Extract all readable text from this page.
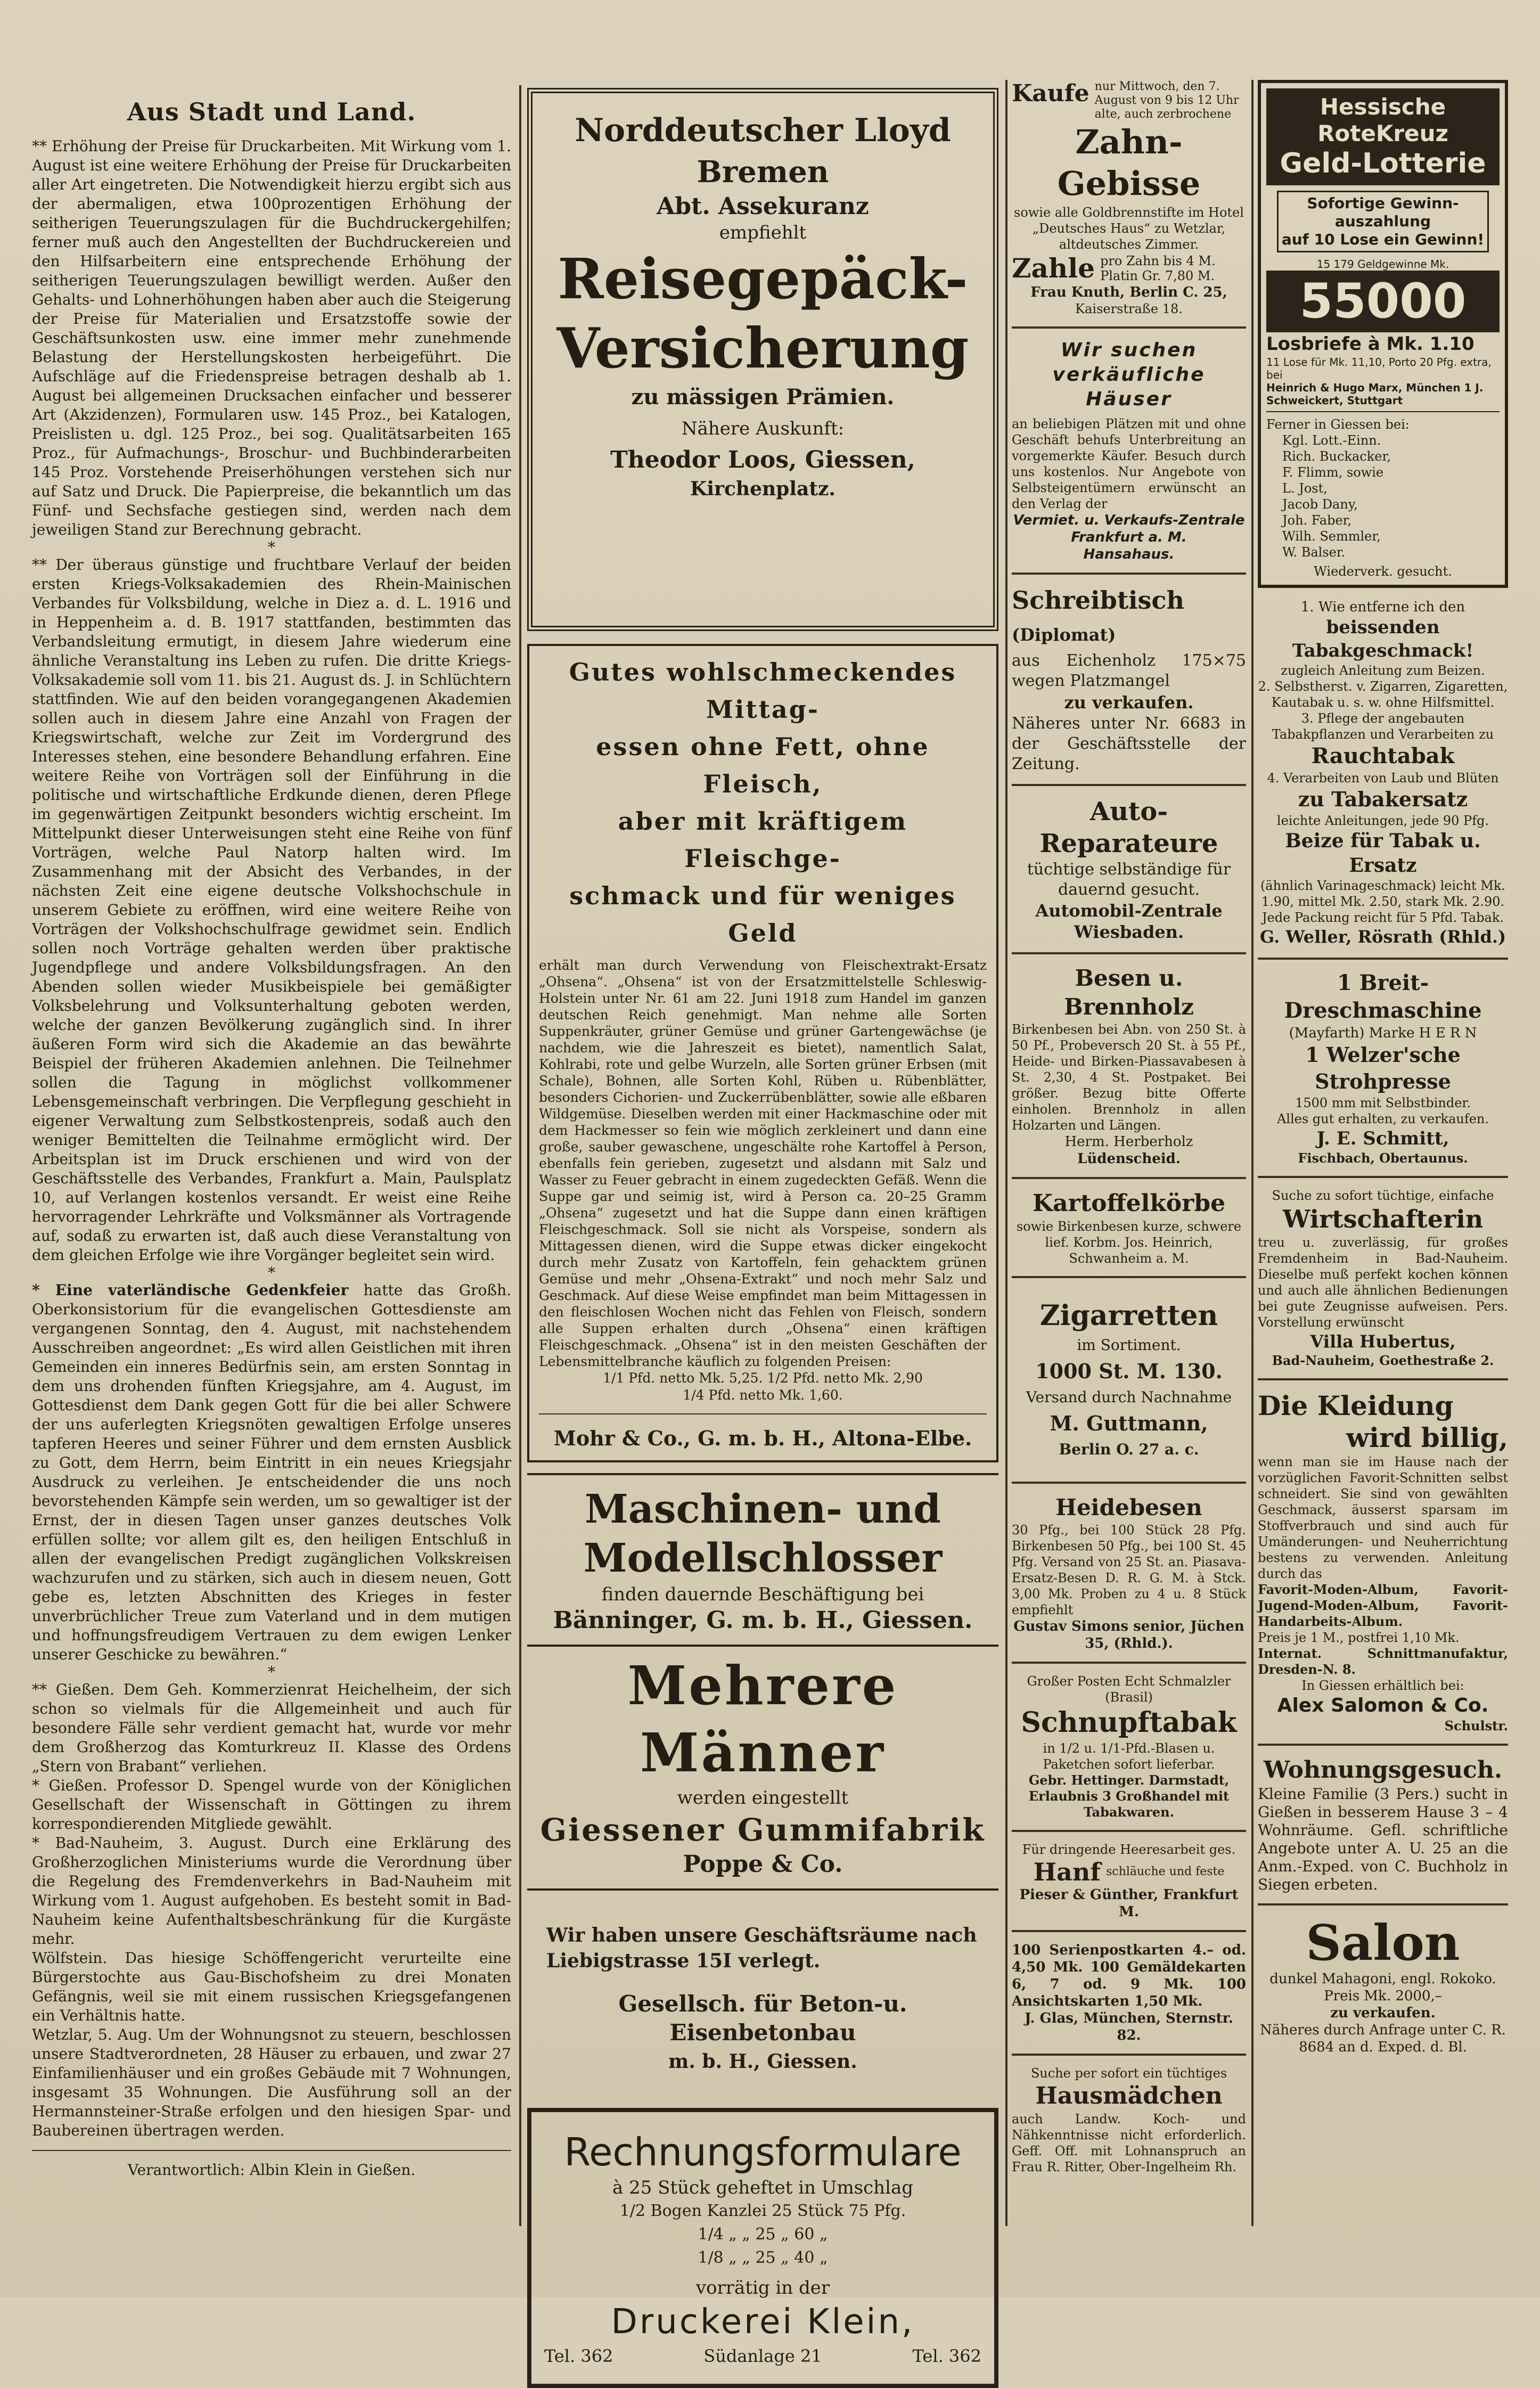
Aus Stadt und Land.

** Erhöhung der Preise für Druckarbeiten. Mit Wirkung vom 1. August ist eine weitere Erhöhung der Preise für Druckarbeiten aller Art eingetreten. Die Notwendigkeit hierzu ergibt sich aus der abermaligen, etwa 100prozentigen Erhöhung der seitherigen Teuerungszulagen für die Buchdruckergehilfen; ferner muß auch den Angestellten der Buchdruckereien und den Hilfsarbeitern eine entsprechende Erhöhung der seitherigen Teuerungszulagen bewilligt werden. Außer den Gehalts- und Lohnerhöhungen haben aber auch die Steigerung der Preise für Materialien und Ersatzstoffe sowie der Geschäftsunkosten usw. eine immer mehr zunehmende Belastung der Herstellungskosten herbeigeführt. Die Aufschläge auf die Friedenspreise betragen deshalb ab 1. August bei allgemeinen Drucksachen einfacher und besserer Art (Akzidenzen), Formularen usw. 145 Proz., bei Katalogen, Preislisten u. dgl. 125 Proz., bei sog. Qualitätsarbeiten 165 Proz., für Aufmachungs-, Broschur- und Buchbinderarbeiten 145 Proz. Vorstehende Preiserhöhungen verstehen sich nur auf Satz und Druck. Die Papierpreise, die bekanntlich um das Fünf- und Sechsfache gestiegen sind, werden nach dem jeweiligen Stand zur Berechnung gebracht.

*

** Der überaus günstige und fruchtbare Verlauf der beiden ersten Kriegs-Volksakademien des Rhein-Mainischen Verbandes für Volksbildung, welche in Diez a. d. L. 1916 und in Heppenheim a. d. B. 1917 stattfanden, bestimmten das Verbandsleitung ermutigt, in diesem Jahre wiederum eine ähnliche Veranstaltung ins Leben zu rufen. Die dritte Kriegs-Volksakademie soll vom 11. bis 21. August ds. J. in Schlüchtern stattfinden. Wie auf den beiden vorangegangenen Akademien sollen auch in diesem Jahre eine Anzahl von Fragen der Kriegswirtschaft, welche zur Zeit im Vordergrund des Interesses stehen, eine besondere Behandlung erfahren. Eine weitere Reihe von Vorträgen soll der Einführung in die politische und wirtschaftliche Erdkunde dienen, deren Pflege im gegenwärtigen Zeitpunkt besonders wichtig erscheint. Im Mittelpunkt dieser Unterweisungen steht eine Reihe von fünf Vorträgen, welche Paul Natorp halten wird. Im Zusammenhang mit der Absicht des Verbandes, in der nächsten Zeit eine eigene deutsche Volkshochschule in unserem Gebiete zu eröffnen, wird eine weitere Reihe von Vorträgen der Volkshochschulfrage gewidmet sein. Endlich sollen noch Vorträge gehalten werden über praktische Jugendpflege und andere Volksbildungsfragen. An den Abenden sollen wieder Musikbeispiele bei gemäßigter Volksbelehrung und Volksunterhaltung geboten werden, welche der ganzen Bevölkerung zugänglich sind. In ihrer äußeren Form wird sich die Akademie an das bewährte Beispiel der früheren Akademien anlehnen. Die Teilnehmer sollen die Tagung in möglichst vollkommener Lebensgemeinschaft verbringen. Die Verpflegung geschieht in eigener Verwaltung zum Selbstkostenpreis, sodaß auch den weniger Bemittelten die Teilnahme ermöglicht wird. Der Arbeitsplan ist im Druck erschienen und wird von der Geschäftsstelle des Verbandes, Frankfurt a. Main, Paulsplatz 10, auf Verlangen kostenlos versandt. Er weist eine Reihe hervorragender Lehrkräfte und Volksmänner als Vortragende auf, sodaß zu erwarten ist, daß auch diese Veranstaltung von dem gleichen Erfolge wie ihre Vorgänger begleitet sein wird.

*

* Eine vaterländische Gedenkfeier hatte das Großh. Oberkonsistorium für die evangelischen Gottesdienste am vergangenen Sonntag, den 4. August, mit nachstehendem Ausschreiben angeordnet: „Es wird allen Geistlichen mit ihren Gemeinden ein inneres Bedürfnis sein, am ersten Sonntag in dem uns drohenden fünften Kriegsjahre, am 4. August, im Gottesdienst dem Dank gegen Gott für die bei aller Schwere der uns auferlegten Kriegsnöten gewaltigen Erfolge unseres tapferen Heeres und seiner Führer und dem ernsten Ausblick zu Gott, dem Herrn, beim Eintritt in ein neues Kriegsjahr Ausdruck zu verleihen. Je entscheidender die uns noch bevorstehenden Kämpfe sein werden, um so gewaltiger ist der Ernst, der in diesen Tagen unser ganzes deutsches Volk erfüllen sollte; vor allem gilt es, den heiligen Entschluß in allen der evangelischen Predigt zugänglichen Volkskreisen wachzurufen und zu stärken, sich auch in diesem neuen, Gott gebe es, letzten Abschnitten des Krieges in fester unverbrüchlicher Treue zum Vaterland und in dem mutigen und hoffnungsfreudigem Vertrauen zu dem ewigen Lenker unserer Geschicke zu bewähren.“

*

** Gießen. Dem Geh. Kommerzienrat Heichelheim, der sich schon so vielmals für die Allgemeinheit und auch für besondere Fälle sehr verdient gemacht hat, wurde vor mehr dem Großherzog das Komturkreuz II. Klasse des Ordens „Stern von Brabant“ verliehen.

* Gießen. Professor D. Spengel wurde von der Königlichen Gesellschaft der Wissenschaft in Göttingen zu ihrem korrespondierenden Mitgliede gewählt.

* Bad-Nauheim, 3. August. Durch eine Erklärung des Großherzoglichen Ministeriums wurde die Verordnung über die Regelung des Fremdenverkehrs in Bad-Nauheim mit Wirkung vom 1. August aufgehoben. Es besteht somit in Bad-Nauheim keine Aufenthaltsbeschränkung für die Kurgäste mehr.

Wölfstein. Das hiesige Schöffengericht verurteilte eine Bürgerstochte aus Gau-Bischofsheim zu drei Monaten Gefängnis, weil sie mit einem russischen Kriegsgefangenen ein Verhältnis hatte.

Wetzlar, 5. Aug. Um der Wohnungsnot zu steuern, beschlossen unsere Stadtverordneten, 28 Häuser zu erbauen, und zwar 27 Einfamilienhäuser und ein großes Gebäude mit 7 Wohnungen, insgesamt 35 Wohnungen. Die Ausführung soll an der Hermannsteiner-Straße erfolgen und den hiesigen Spar- und Baubereinen übertragen werden.

Verantwortlich: Albin Klein in Gießen.

Norddeutscher Lloyd
Bremen
Abt. Assekuranz
empfiehlt
Reisegepäck-
Versicherung
zu mässigen Prämien.
Nähere Auskunft:
Theodor Loos, Giessen,
Kirchenplatz.
Gutes wohlschmeckendes Mittag-
essen ohne Fett, ohne Fleisch,
aber mit kräftigem Fleischge-
schmack und für weniges Geld

erhält man durch Verwendung von Fleischextrakt-Ersatz „Ohsena“. „Ohsena“ ist von der Ersatzmittelstelle Schleswig-Holstein unter Nr. 61 am 22. Juni 1918 zum Handel im ganzen deutschen Reich genehmigt. Man nehme alle Sorten Suppenkräuter, grüner Gemüse und grüner Gartengewächse (je nachdem, wie die Jahreszeit es bietet), namentlich Salat, Kohlrabi, rote und gelbe Wurzeln, alle Sorten grüner Erbsen (mit Schale), Bohnen, alle Sorten Kohl, Rüben u. Rübenblätter, besonders Cichorien- und Zuckerrübenblätter, sowie alle eßbaren Wildgemüse. Dieselben werden mit einer Hackmaschine oder mit dem Hackmesser so fein wie möglich zerkleinert und dann eine große, sauber gewaschene, ungeschälte rohe Kartoffel à Person, ebenfalls fein gerieben, zugesetzt und alsdann mit Salz und Wasser zu Feuer gebracht in einem zugedeckten Gefäß. Wenn die Suppe gar und seimig ist, wird à Person ca. 20–25 Gramm „Ohsena“ zugesetzt und hat die Suppe dann einen kräftigen Fleischgeschmack. Soll sie nicht als Vorspeise, sondern als Mittagessen dienen, wird die Suppe etwas dicker eingekocht durch mehr Zusatz von Kartoffeln, fein gehacktem grünen Gemüse und mehr „Ohsena-Extrakt“ und noch mehr Salz und Geschmack. Auf diese Weise empfindet man beim Mittagessen in den fleischlosen Wochen nicht das Fehlen von Fleisch, sondern alle Suppen erhalten durch „Ohsena“ einen kräftigen Fleischgeschmack. „Ohsena“ ist in den meisten Geschäften der Lebensmittelbranche käuflich zu folgenden Preisen:

1/1 Pfd. netto Mk. 5,25. 1/2 Pfd. netto Mk. 2,90

1/4 Pfd. netto Mk. 1,60.

Mohr & Co., G. m. b. H., Altona-Elbe.
Maschinen- und
Modellschlosser
finden dauernde Beschäftigung bei
Bänninger, G. m. b. H., Giessen.
Mehrere Männer
werden eingestellt
Giessener Gummifabrik
Poppe & Co.
Wir haben unsere Geschäftsräume nach
Liebigstrasse 15I verlegt.
Gesellsch. für Beton-u. Eisenbetonbau
m. b. H., Giessen.
Rechnungsformulare
à 25 Stück geheftet in Umschlag
1/2 Bogen Kanzlei 25 Stück 75 Pfg.
1/4 „ „ 25 „ 60 „
1/8 „ „ 25 „ 40 „
vorrätig in der
Druckerei Klein,
Tel. 362	Südanlage 21	Tel. 362
Kaufe nur Mittwoch, den 7. August von 9 bis 12 Uhr alte, auch zerbrochene
Zahn-Gebisse

sowie alle Goldbrennstifte im Hotel „Deutsches Haus“ zu Wetzlar, altdeutsches Zimmer.

Zahle pro Zahn bis 4 M. Platin Gr. 7,80 M.

Frau Knuth, Berlin C. 25,

Kaiserstraße 18.

Wir suchen verkäufliche Häuser

an beliebigen Plätzen mit und ohne Geschäft behufs Unterbreitung an vorgemerkte Käufer. Besuch durch uns kostenlos. Nur Angebote von Selbsteigentümern erwünscht an den Verlag der

Vermiet. u. Verkaufs-Zentrale
Frankfurt a. M.
Hansahaus.
Schreibtisch (Diplomat)

aus Eichenholz 175×75 wegen Platzmangel

zu verkaufen.

Näheres unter Nr. 6683 in der Geschäftsstelle der Zeitung.

Auto-Reparateure

tüchtige selbständige für dauernd gesucht.

Automobil-Zentrale Wiesbaden.
Besen u. Brennholz

Birkenbesen bei Abn. von 250 St. à 50 Pf., Probeversch 20 St. à 55 Pf., Heide- und Birken-Piassavabesen à St. 2,30, 4 St. Postpaket. Bei größer. Bezug bitte Offerte einholen. Brennholz in allen Holzarten und Längen.

Herm. Herberholz
Lüdenscheid.
Kartoffelkörbe

sowie Birkenbesen kurze, schwere lief. Korbm. Jos. Heinrich, Schwanheim a. M.

Zigarretten
im Sortiment.
1000 St. M. 130.
Versand durch Nachnahme
M. Guttmann,
Berlin O. 27 a. c.
Heidebesen

30 Pfg., bei 100 Stück 28 Pfg. Birkenbesen 50 Pfg., bei 100 St. 45 Pfg. Versand von 25 St. an. Piasava-Ersatz-Besen D. R. G. M. à Stck. 3,00 Mk. Proben zu 4 u. 8 Stück empfiehlt

Gustav Simons senior, Jüchen 35, (Rhld.).
Großer Posten Echt Schmalzler (Brasil)
Schnupftabak

in 1/2 u. 1/1-Pfd.-Blasen u. Paketchen sofort lieferbar.

Gebr. Hettinger. Darmstadt, Erlaubnis 3 Großhandel mit Tabakwaren.

Für dringende Heeresarbeit ges.
Hanf schläuche und feste
Pieser & Günther, Frankfurt M.

100 Serienpostkarten 4.– od. 4,50 Mk. 100 Gemäldekarten 6, 7 od. 9 Mk. 100 Ansichtskarten 1,50 Mk.

J. Glas, München, Sternstr. 82.
Suche per sofort ein tüchtiges
Hausmädchen

auch Landw. Koch- und Nähkenntnisse nicht erforderlich. Geff. Off. mit Lohnanspruch an Frau R. Ritter, Ober-Ingelheim Rh.

Hessische
RoteKreuz
Geld-Lotterie
Sofortige Gewinn-
auszahlung
auf 10 Lose ein Gewinn!
15 179 Geldgewinne Mk.
55000
Losbriefe à Mk. 1.10
11 Lose für Mk. 11,10, Porto 20 Pfg. extra, bei
Heinrich & Hugo Marx, München 1 J. Schweickert, Stuttgart
Ferner in Giessen bei:
Kgl. Lott.-Einn.
Rich. Buckacker,
F. Flimm, sowie
L. Jost,
Jacob Dany,
Joh. Faber,
Wilh. Semmler,
W. Balser.
Wiederverk. gesucht.
1. Wie entferne ich den
beissenden Tabakgeschmack!
zugleich Anleitung zum Beizen.
2. Selbstherst. v. Zigarren, Zigaretten, Kautabak u. s. w. ohne Hilfsmittel.
3. Pflege der angebauten Tabakpflanzen und Verarbeiten zu
Rauchtabak
4. Verarbeiten von Laub und Blüten
zu Tabakersatz
leichte Anleitungen, jede 90 Pfg.
Beize für Tabak u. Ersatz
(ähnlich Varinageschmack) leicht Mk. 1.90, mittel Mk. 2.50, stark Mk. 2.90. Jede Packung reicht für 5 Pfd. Tabak.
G. Weller, Rösrath (Rhld.)
1 Breit-Dreschmaschine
(Mayfarth) Marke H E R N
1 Welzer'sche Strohpresse
1500 mm mit Selbstbinder.
Alles gut erhalten, zu verkaufen.
J. E. Schmitt,
Fischbach, Obertaunus.
Suche zu sofort tüchtige, einfache
Wirtschafterin

treu u. zuverlässig, für großes Fremdenheim in Bad-Nauheim. Dieselbe muß perfekt kochen können und auch alle ähnlichen Bedienungen bei gute Zeugnisse aufweisen. Pers. Vorstellung erwünscht

Villa Hubertus,
Bad-Nauheim, Goethestraße 2.
Die Kleidung
wird billig,

wenn man sie im Hause nach der vorzüglichen Favorit-Schnitten selbst schneidert. Sie sind von gewählten Geschmack, äusserst sparsam im Stoffverbrauch und sind auch für Umänderungen- und Neuherrichtung bestens zu verwenden. Anleitung durch das

Favorit-Moden-Album, Favorit-Jugend-Moden-Album, Favorit-Handarbeits-Album.

Preis je 1 M., postfrei 1,10 Mk.

Internat. Schnittmanufaktur, Dresden-N. 8.

In Giessen erhältlich bei:
Alex Salomon & Co.
Schulstr.
Wohnungsgesuch.

Kleine Familie (3 Pers.) sucht in Gießen in besserem Hause 3 – 4 Wohnräume. Gefl. schriftliche Angebote unter A. U. 25 an die Anm.-Exped. von C. Buchholz in Siegen erbeten.

Salon
dunkel Mahagoni, engl. Rokoko. Preis Mk. 2000,–
zu verkaufen.
Näheres durch Anfrage unter C. R. 8684 an d. Exped. d. Bl.
